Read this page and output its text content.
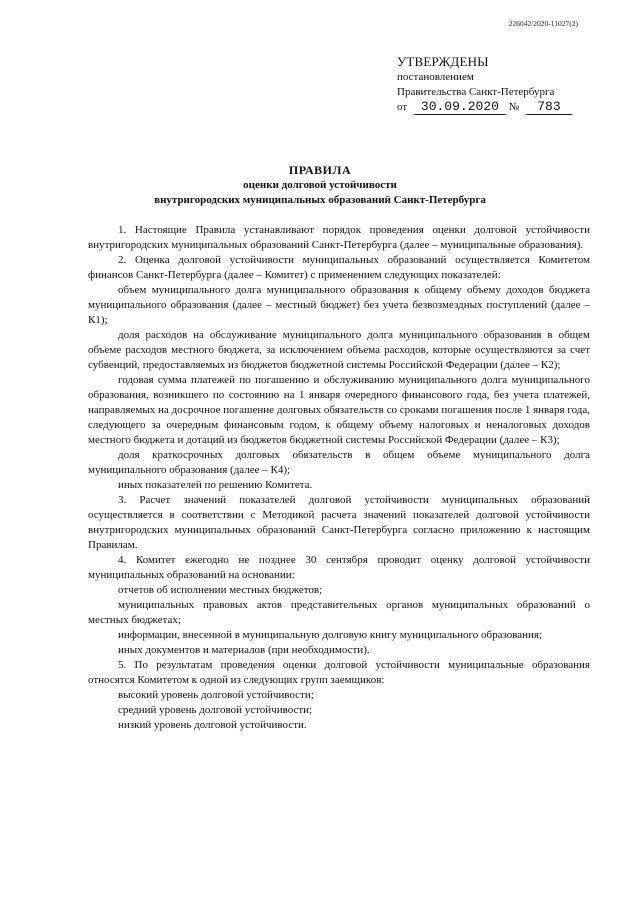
226042/2020-11027(2)
УТВЕРЖДЕНЫ
постановлением
Правительства Санкт-Петербурга
от 30.09.2020 № 783
ПРАВИЛА
оценки долговой устойчивости
внутригородских муниципальных образований Санкт-Петербурга

1. Настоящие Правила устанавливают порядок проведения оценки долговой устойчивости внутригородских муниципальных образований Санкт-Петербурга (далее – муниципальные образования).

2. Оценка долговой устойчивости муниципальных образований осуществляется Комитетом финансов Санкт-Петербурга (далее – Комитет) с применением следующих показателей:

объем муниципального долга муниципального образования к общему объему доходов бюджета муниципального образования (далее – местный бюджет) без учета безвозмездных поступлений (далее – К1);

доля расходов на обслуживание муниципального долга муниципального образования в общем объеме расходов местного бюджета, за исключением объема расходов, которые осуществляются за счет субвенций, предоставляемых из бюджетов бюджетной системы Российской Федерации (далее – К2);

годовая сумма платежей по погашению и обслуживанию муниципального долга муниципального образования, возникшего по состоянию на 1 января очередного финансового года, без учета платежей, направляемых на досрочное погашение долговых обязательств со сроками погашения после 1 января года, следующего за очередным финансовым годом, к общему объему налоговых и неналоговых доходов местного бюджета и дотаций из бюджетов бюджетной системы Российской Федерации (далее – К3);

доля краткосрочных долговых обязательств в общем объеме муниципального долга муниципального образования (далее – К4);

иных показателей по решению Комитета.

3. Расчет значений показателей долговой устойчивости муниципальных образований осуществляется в соответствии с Методикой расчета значений показателей долговой устойчивости внутригородских муниципальных образований Санкт-Петербурга согласно приложению к настоящим Правилам.

4. Комитет ежегодно не позднее 30 сентября проводит оценку долговой устойчивости муниципальных образований на основании:

отчетов об исполнении местных бюджетов;

муниципальных правовых актов представительных органов муниципальных образований о местных бюджетах;

информации, внесенной в муниципальную долговую книгу муниципального образования;

иных документов и материалов (при необходимости).

5. По результатам проведения оценки долговой устойчивости муниципальные образования относятся Комитетом к одной из следующих групп заемщиков:

высокий уровень долговой устойчивости;

средний уровень долговой устойчивости;

низкий уровень долговой устойчивости.
